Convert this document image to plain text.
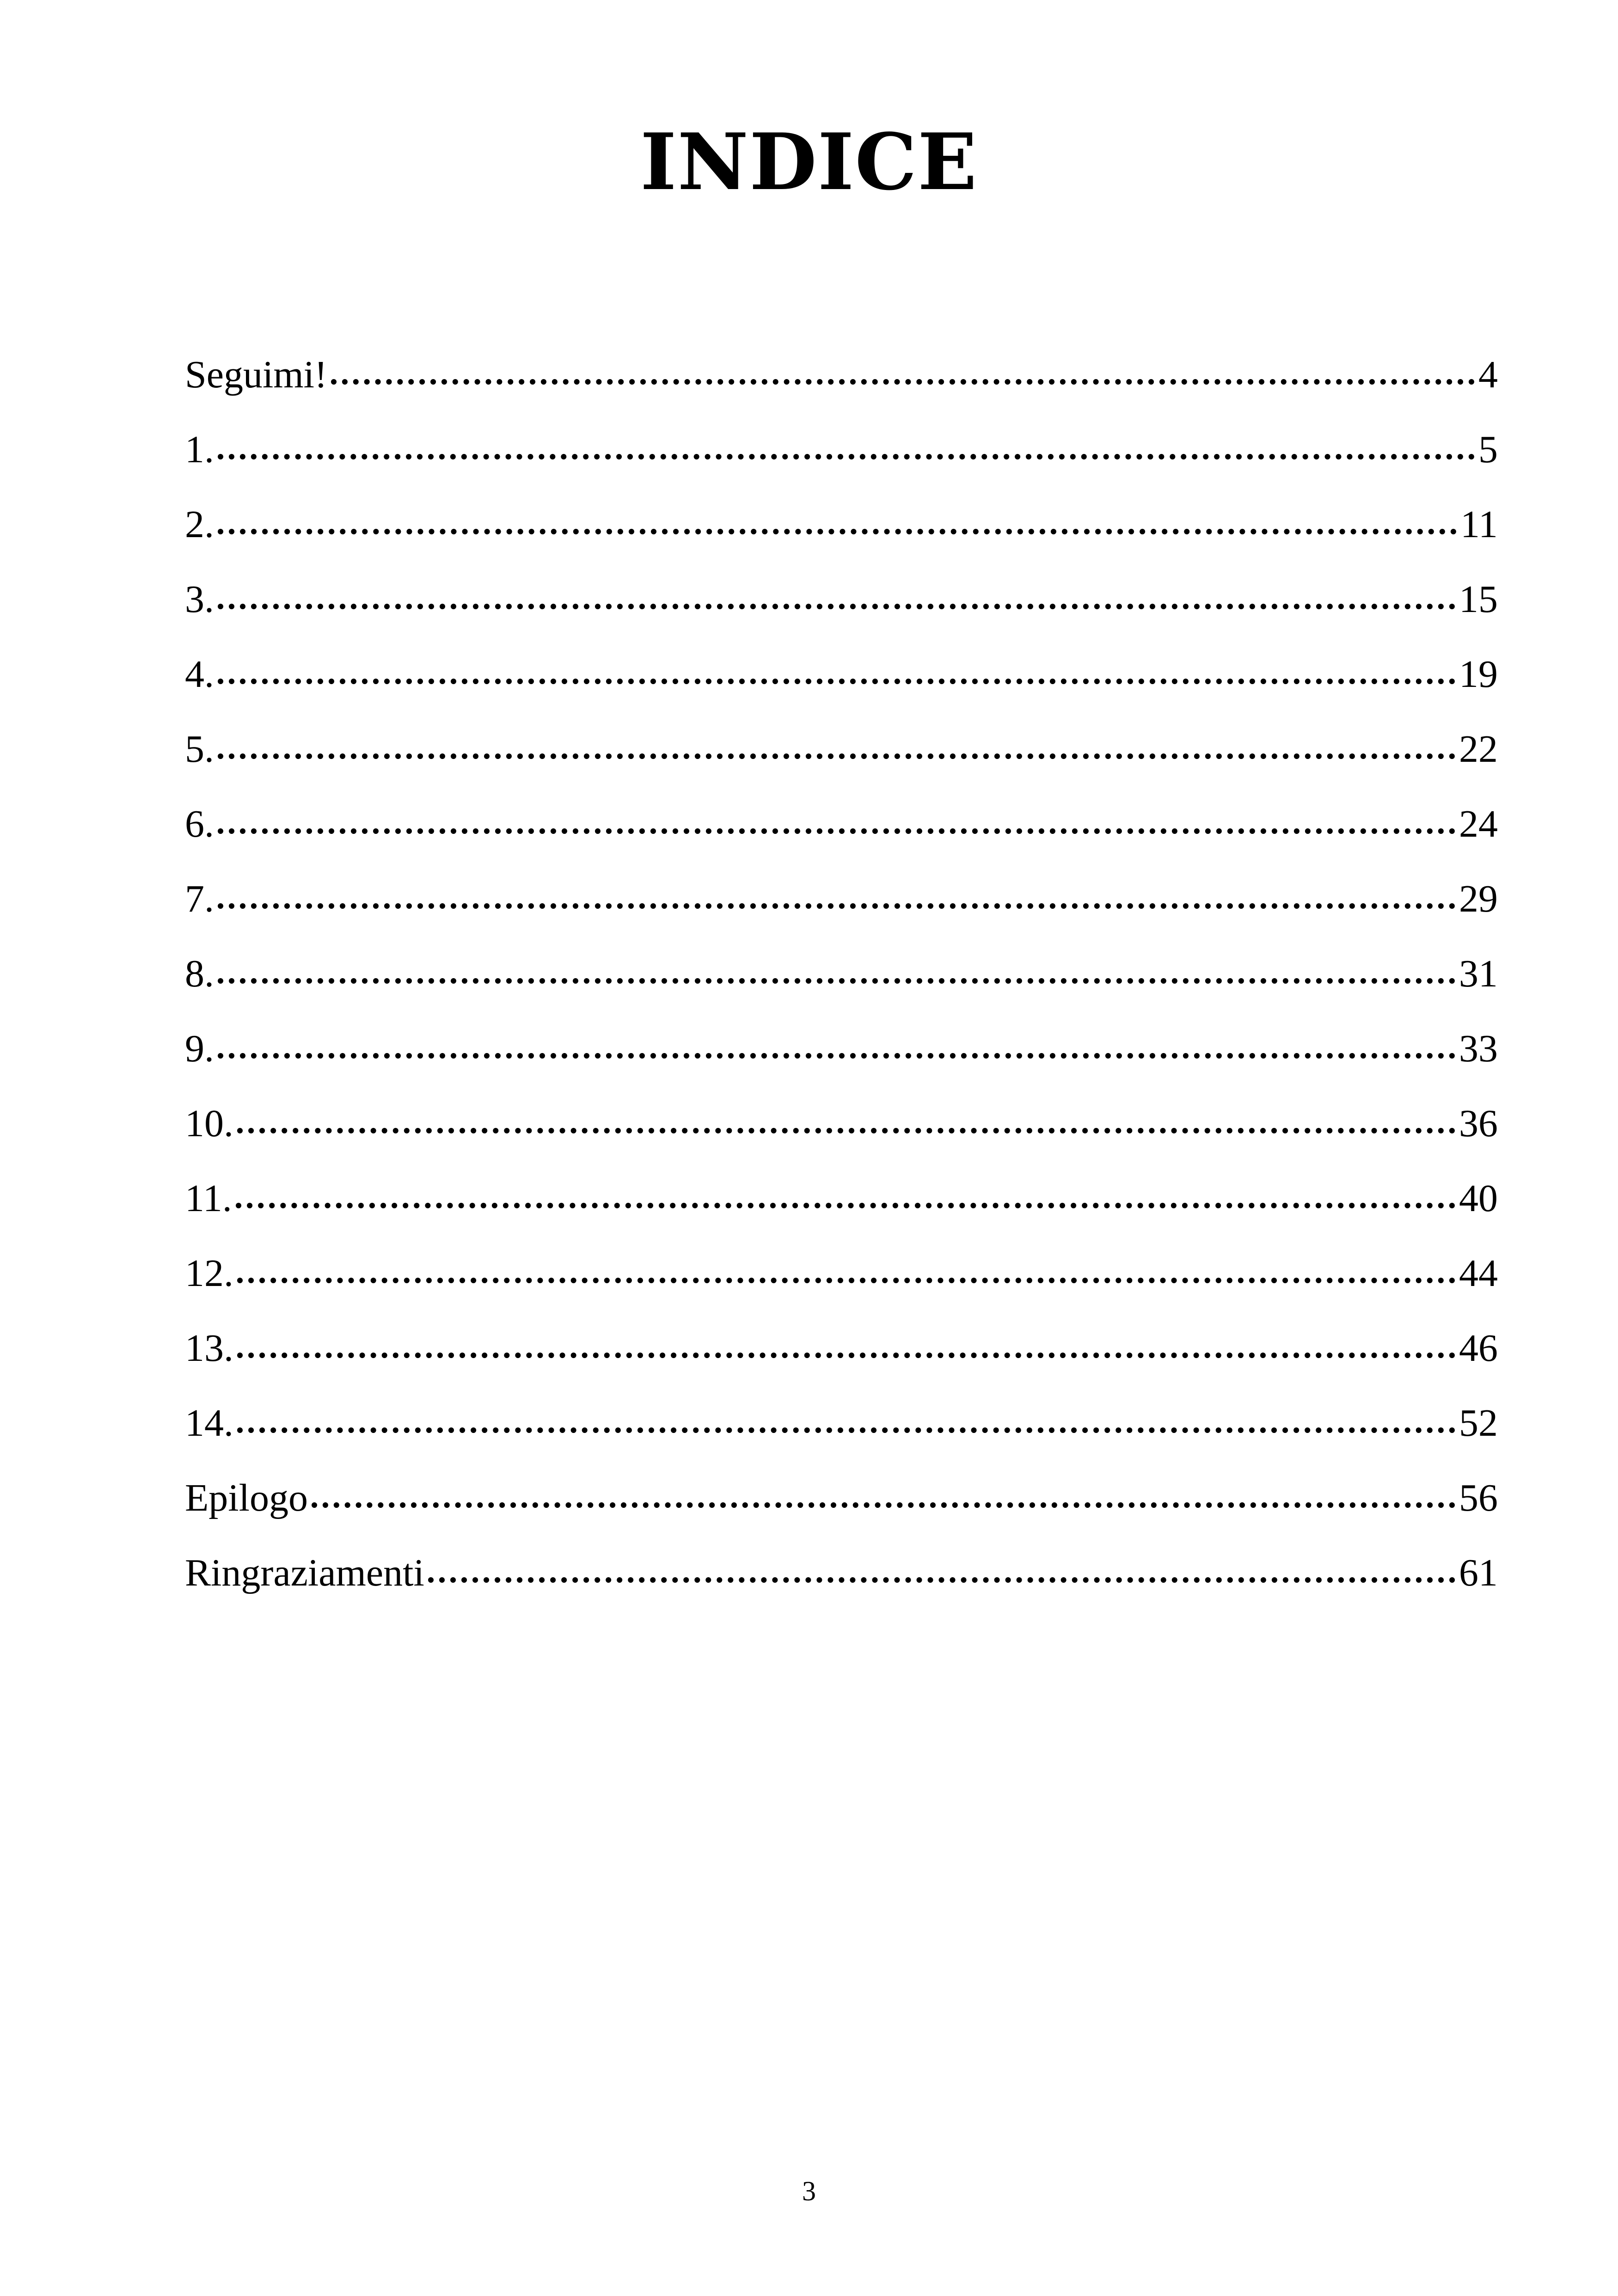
INDICE
Seguimi!	4
1.	5
2.	11
3.	15
4.	19
5.	22
6.	24
7.	29
8.	31
9.	33
10.	36
11.	40
12.	44
13.	46
14.	52
Epilogo	56
Ringraziamenti	61
3
